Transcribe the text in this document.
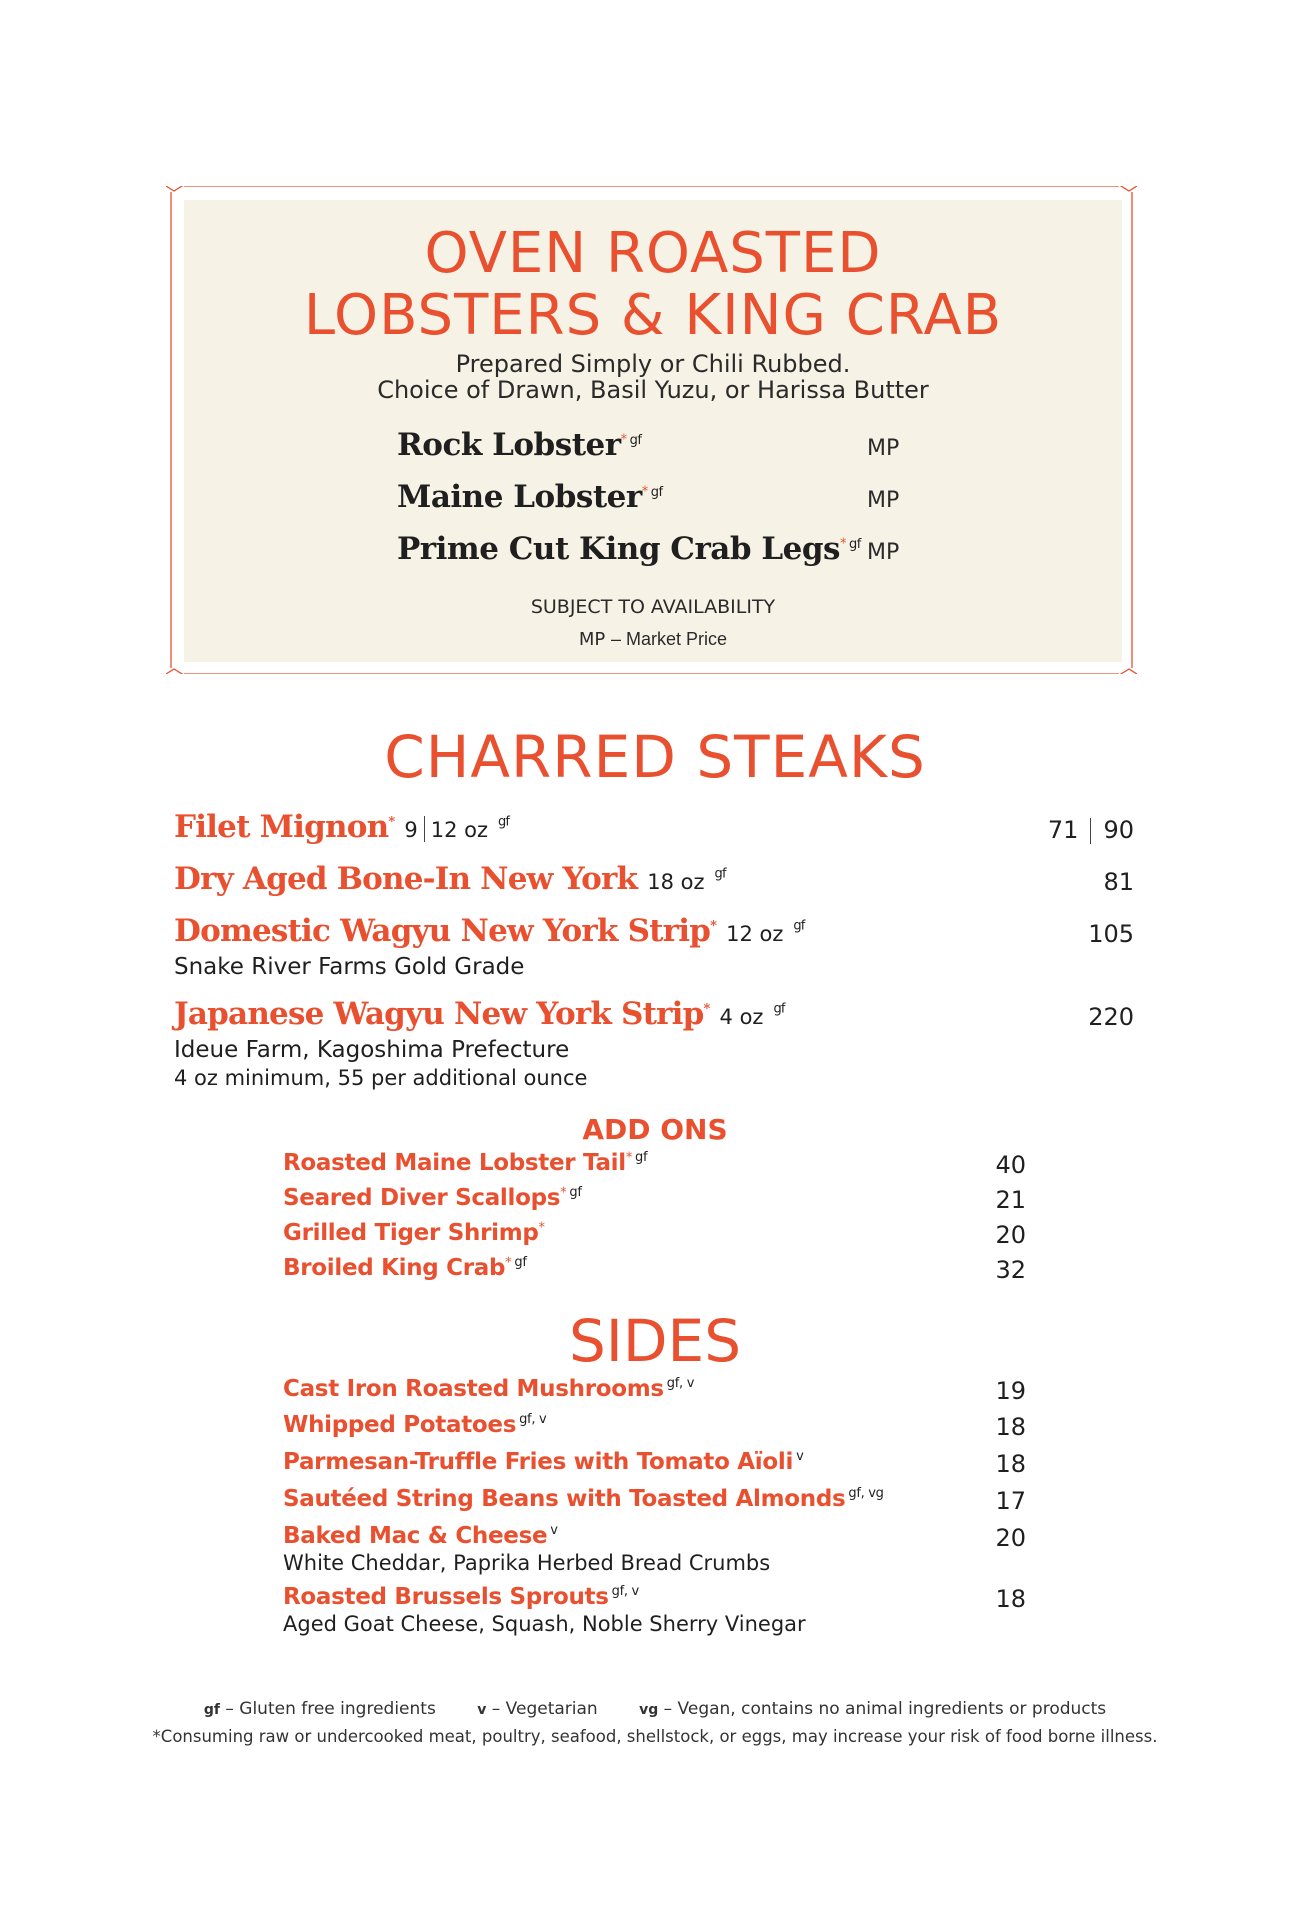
OVEN ROASTED
LOBSTERS & KING CRAB
Prepared Simply or Chili Rubbed.
Choice of Drawn, Basil Yuzu, or Harissa Butter
Rock Lobster* $^{gf}$	MP
Maine Lobster* $^{gf}$	MP
Prime Cut King Crab Legs* $^{gf}$ MP
SUBJECT TO AVAILABILITY
MP – Market Price
CHARRED STEAKS
Filet Mignon* 9 12 oz $^{gf}$	71 90
Dry Aged Bone-In New York 18 oz $^{gf}$	81
Domestic Wagyu New York Strip* 12 oz $^{gf}$	105
Snake River Farms Gold Grade
Japanese Wagyu New York Strip* 4 oz $^{gf}$	220
Ideue Farm, Kagoshima Prefecture
4 oz minimum, 55 per additional ounce
ADD ONS
Roasted Maine Lobster Tail* $^{gf}$	40
Seared Diver Scallops* $^{gf}$	21
Grilled Tiger Shrimp*	20
Broiled King Crab* $^{gf}$	32
SIDES
Cast Iron Roasted Mushrooms $^{gf, v}$	19
Whipped Potatoes $^{gf, v}$	18
Parmesan-Truffle Fries with Tomato Aïoli $^v$	18
Sautéed String Beans with Toasted Almonds $^{gf, vg}$	17
Baked Mac & Cheese $^v$	20
White Cheddar, Paprika Herbed Bread Crumbs
Roasted Brussels Sprouts $^{gf, v}$	18
Aged Goat Cheese, Squash, Noble Sherry Vinegar
gf – Gluten free ingredients	v – Vegetarian	vg – Vegan, contains no animal ingredients or products
*Consuming raw or undercooked meat, poultry, seafood, shellstock, or eggs, may increase your risk of food borne illness.
